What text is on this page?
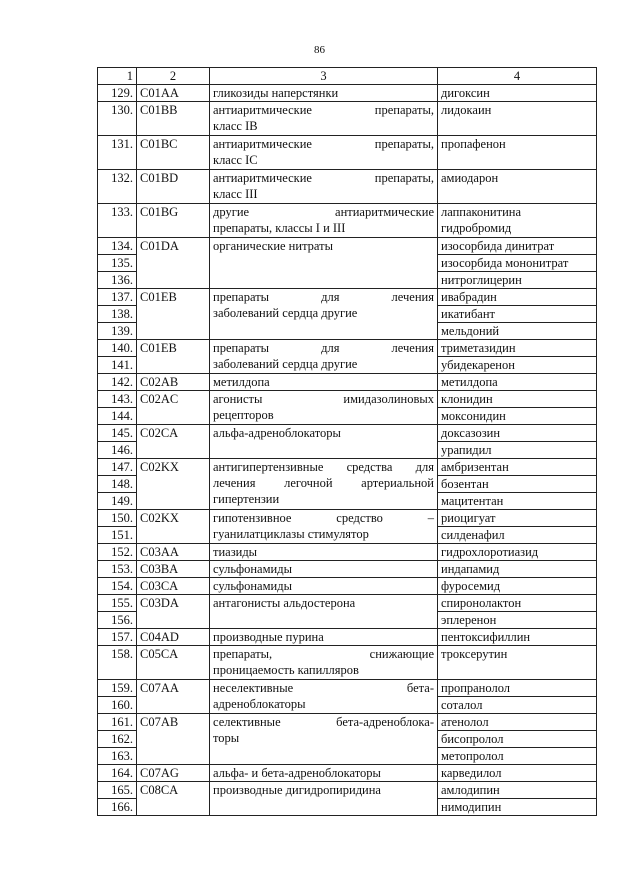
86
1	2	3	4
129.	C01AA	гликозиды наперстянки	дигоксин
130.	C01BB	антиаритмические препараты,
класс IB	лидокаин
131.	C01BC	антиаритмические препараты,
класс IC	пропафенон
132.	C01BD	антиаритмические препараты,
класс III	амиодарон
133.	C01BG	другие антиаритмические
препараты, классы I и III	лаппаконитина гидробромид
134.	C01DA	органические нитраты	изосорбида динитрат
135.			изосорбида мононитрат
136.			нитроглицерин
137.	C01EB	препараты для лечения
заболеваний сердца другие	ивабрадин
138.			икатибант
139.			мельдоний
140.	C01EB	препараты для лечения
заболеваний сердца другие	триметазидин
141.			убидекаренон
142.	C02AB	метилдопа	метилдопа
143.	C02AC	агонисты имидазолиновых
рецепторов	клонидин
144.			моксонидин
145.	C02CA	альфа-адреноблокаторы	доксазозин
146.			урапидил
147.	C02KX	антигипертензивные средства для
лечения легочной артериальной
гипертензии	амбризентан
148.			бозентан
149.			мацитентан
150.	C02KX	гипотензивное средство –
гуанилатциклазы стимулятор	риоцигуат
151.			силденафил
152.	C03AA	тиазиды	гидрохлоротиазид
153.	C03BA	сульфонамиды	индапамид
154.	C03CA	сульфонамиды	фуросемид
155.	C03DA	антагонисты альдостерона	спиронолактон
156.			эплеренон
157.	C04AD	производные пурина	пентоксифиллин
158.	C05CA	препараты, снижающие
проницаемость капилляров	троксерутин
159.	C07AA	неселективные бета-
адреноблокаторы	пропранолол
160.			соталол
161.	C07AB	селективные бета-адреноблока-
торы	атенолол
162.			бисопролол
163.			метопролол
164.	C07AG	альфа- и бета-адреноблокаторы	карведилол
165.	C08CA	производные дигидропиридина	амлодипин
166.			нимодипин
